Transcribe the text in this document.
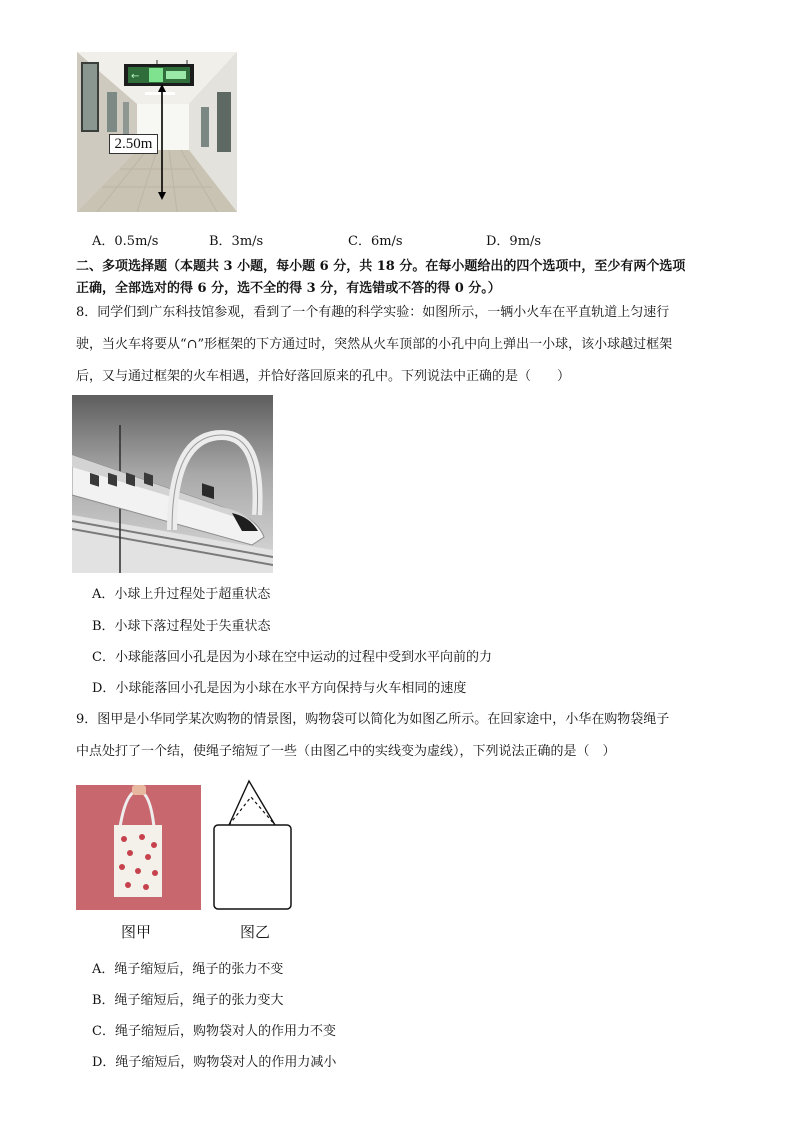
←
2.50m
A．0.5m/s	B．3m/s	C．6m/s	D．9m/s
二、多项选择题（本题共 3 小题，每小题 6 分，共 18 分。在每小题给出的四个选项中，至少有两个选项
正确，全部选对的得 6 分，选不全的得 3 分，有选错或不答的得 0 分。）
8．同学们到广东科技馆参观，看到了一个有趣的科学实验：如图所示，一辆小火车在平直轨道上匀速行
驶，当火车将要从“∩”形框架的下方通过时，突然从火车顶部的小孔中向上弹出一小球，该小球越过框架
后，又与通过框架的火车相遇，并恰好落回原来的孔中。下列说法中正确的是（　　）
A．小球上升过程处于超重状态
B．小球下落过程处于失重状态
C．小球能落回小孔是因为小球在空中运动的过程中受到水平向前的力
D．小球能落回小孔是因为小球在水平方向保持与火车相同的速度
9．图甲是小华同学某次购物的情景图，购物袋可以简化为如图乙所示。在回家途中，小华在购物袋绳子
中点处打了一个结，使绳子缩短了一些（由图乙中的实线变为虚线），下列说法正确的是（　）
图甲	图乙
A．绳子缩短后，绳子的张力不变
B．绳子缩短后，绳子的张力变大
C．绳子缩短后，购物袋对人的作用力不变
D．绳子缩短后，购物袋对人的作用力减小
